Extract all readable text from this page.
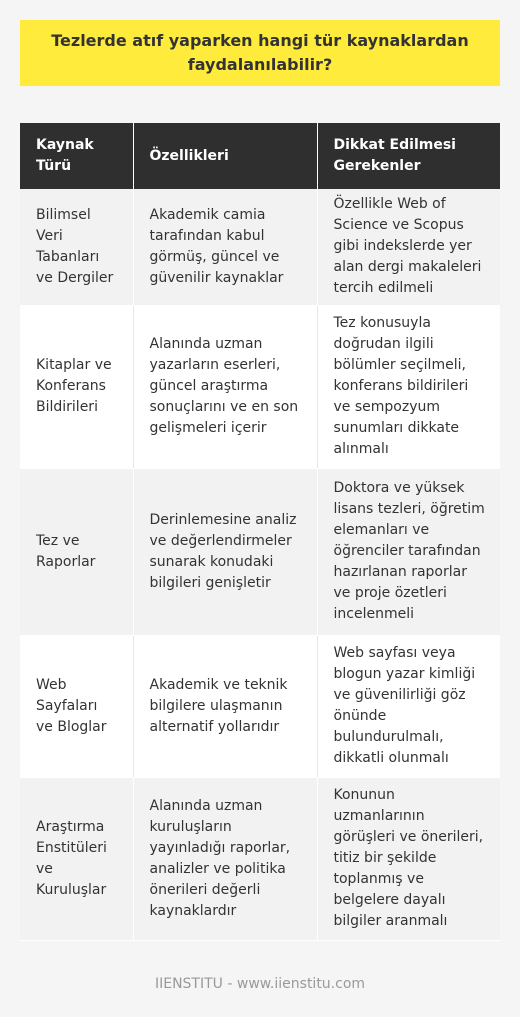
Tezlerde atıf yaparken hangi tür kaynaklardan faydalanılabilir?
Kaynak Türü	Özellikleri	Dikkat Edilmesi Gerekenler
Bilimsel Veri Tabanları ve Dergiler	Akademik camia tarafından kabul görmüş, güncel ve güvenilir kaynaklar	Özellikle Web of Science ve Scopus gibi indekslerde yer alan dergi makaleleri tercih edilmeli
Kitaplar ve Konferans Bildirileri	Alanında uzman yazarların eserleri, güncel araştırma sonuçlarını ve en son gelişmeleri içerir	Tez konusuyla doğrudan ilgili bölümler seçilmeli, konferans bildirileri ve sempozyum sunumları dikkate alınmalı
Tez ve Raporlar	Derinlemesine analiz ve değerlendirmeler sunarak konudaki bilgileri genişletir	Doktora ve yüksek lisans tezleri, öğretim elemanları ve öğrenciler tarafından hazırlanan raporlar ve proje özetleri incelenmeli
Web Sayfaları ve Bloglar	Akademik ve teknik bilgilere ulaşmanın alternatif yollarıdır	Web sayfası veya blogun yazar kimliği ve güvenilirliği göz önünde bulundurulmalı, dikkatli olunmalı
Araştırma Enstitüleri ve Kuruluşlar	Alanında uzman kuruluşların yayınladığı raporlar, analizler ve politika önerileri değerli kaynaklardır	Konunun uzmanlarının görüşleri ve önerileri, titiz bir şekilde toplanmış ve belgelere dayalı bilgiler aranmalı
IIENSTITU - www.iienstitu.com
